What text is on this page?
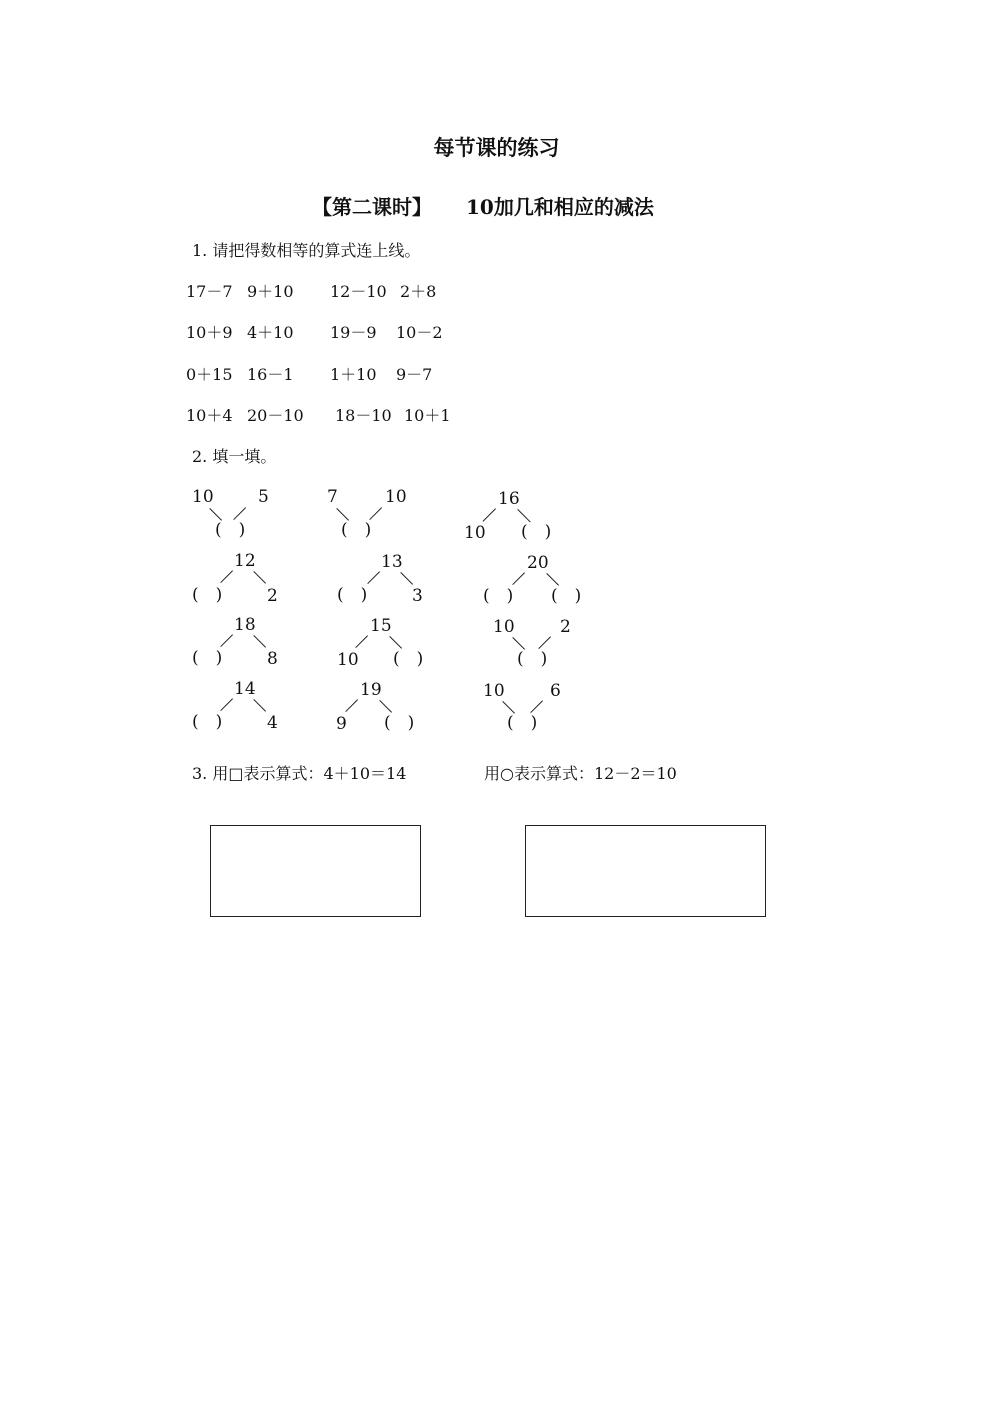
每节课的练习
【第二课时】 10加几和相应的减法
1. 请把得数相等的算式连上线。
17－7 9＋10 12－10 2＋8
10＋9 4＋10 19－9 10－2
0＋15 16－1 1＋10 9－7
10＋4 20－10 18－10 10＋1
2. 填一填。
10	5
(　)
7	10
(　)
16
10 (　)
12
(　)	2
13
(　)	3
20
(　) (　)
18
(　)	8
15
10 (　)
10	2
(　)
14
(　)	4
19
9 (　)
10	6
(　)
3. 用□表示算式：4＋10＝14	用○表示算式：12－2＝10
